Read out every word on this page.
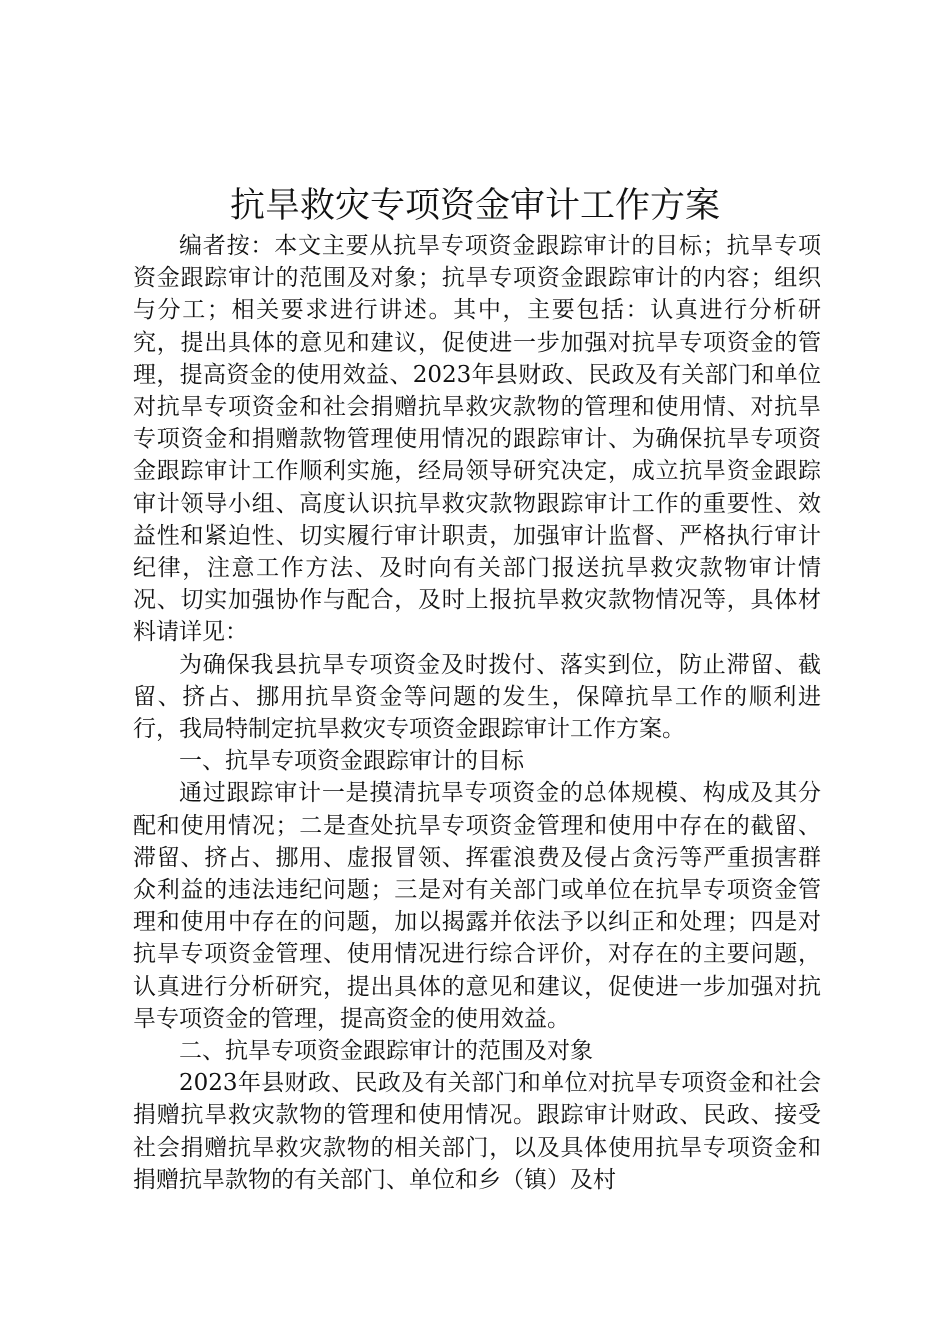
抗旱救灾专项资金审计工作方案

编者按：本文主要从抗旱专项资金跟踪审计的目标；抗旱专项资金跟踪审计的范围及对象；抗旱专项资金跟踪审计的内容；组织与分工；相关要求进行讲述。其中，主要包括：认真进行分析研究，提出具体的意见和建议，促使进一步加强对抗旱专项资金的管理，提高资金的使用效益、2023年县财政、民政及有关部门和单位对抗旱专项资金和社会捐赠抗旱救灾款物的管理和使用情、对抗旱专项资金和捐赠款物管理使用情况的跟踪审计、为确保抗旱专项资金跟踪审计工作顺利实施，经局领导研究决定，成立抗旱资金跟踪审计领导小组、高度认识抗旱救灾款物跟踪审计工作的重要性、效益性和紧迫性、切实履行审计职责，加强审计监督、严格执行审计纪律，注意工作方法、及时向有关部门报送抗旱救灾款物审计情况、切实加强协作与配合，及时上报抗旱救灾款物情况等，具体材料请详见：

为确保我县抗旱专项资金及时拨付、落实到位，防止滞留、截留、挤占、挪用抗旱资金等问题的发生，保障抗旱工作的顺利进行，我局特制定抗旱救灾专项资金跟踪审计工作方案。

一、抗旱专项资金跟踪审计的目标

通过跟踪审计一是摸清抗旱专项资金的总体规模、构成及其分配和使用情况；二是查处抗旱专项资金管理和使用中存在的截留、滞留、挤占、挪用、虚报冒领、挥霍浪费及侵占贪污等严重损害群众利益的违法违纪问题；三是对有关部门或单位在抗旱专项资金管理和使用中存在的问题，加以揭露并依法予以纠正和处理；四是对抗旱专项资金管理、使用情况进行综合评价，对存在的主要问题，认真进行分析研究，提出具体的意见和建议，促使进一步加强对抗旱专项资金的管理，提高资金的使用效益。

二、抗旱专项资金跟踪审计的范围及对象

2023年县财政、民政及有关部门和单位对抗旱专项资金和社会捐赠抗旱救灾款物的管理和使用情况。跟踪审计财政、民政、接受社会捐赠抗旱救灾款物的相关部门，以及具体使用抗旱专项资金和捐赠抗旱款物的有关部门、单位和乡（镇）及村
